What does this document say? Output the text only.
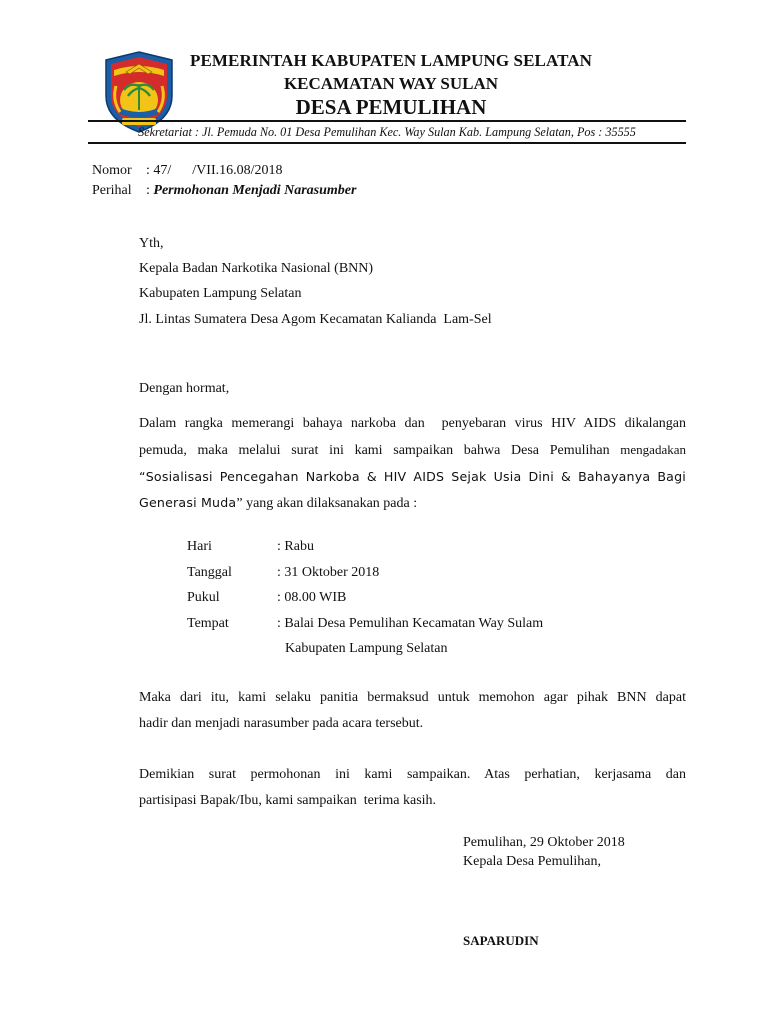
PEMERINTAH KABUPATEN LAMPUNG SELATAN
KECAMATAN WAY SULAN
DESA PEMULIHAN
Sekretariat : Jl. Pemuda No. 01 Desa Pemulihan Kec. Way Sulan Kab. Lampung Selatan, Pos : 35555
Nomor : 47/      /VII.16.08/2018
Perihal : Permohonan Menjadi Narasumber
Yth,
Kepala Badan Narkotika Nasional (BNN)
Kabupaten Lampung Selatan
Jl. Lintas Sumatera Desa Agom Kecamatan Kalianda  Lam-Sel
Dengan hormat,
Dalam rangka memerangi bahaya narkoba dan  penyebaran virus HIV AIDS dikalangan
pemuda, maka melalui surat ini kami sampaikan bahwa Desa Pemulihan mengadakan
“Sosialisasi Pencegahan Narkoba & HIV AIDS Sejak Usia Dini & Bahayanya Bagi
Generasi Muda” yang akan dilaksanakan pada :
Hari	: Rabu
Tanggal	: 31 Oktober 2018
Pukul	: 08.00 WIB
Tempat	: Balai Desa Pemulihan Kecamatan Way Sulam
Kabupaten Lampung Selatan
Maka dari itu, kami selaku panitia bermaksud untuk memohon agar pihak BNN dapat
hadir dan menjadi narasumber pada acara tersebut.
Demikian surat permohonan ini kami sampaikan. Atas perhatian, kerjasama dan
partisipasi Bapak/Ibu, kami sampaikan  terima kasih.
Pemulihan, 29 Oktober 2018
Kepala Desa Pemulihan,
SAPARUDIN
